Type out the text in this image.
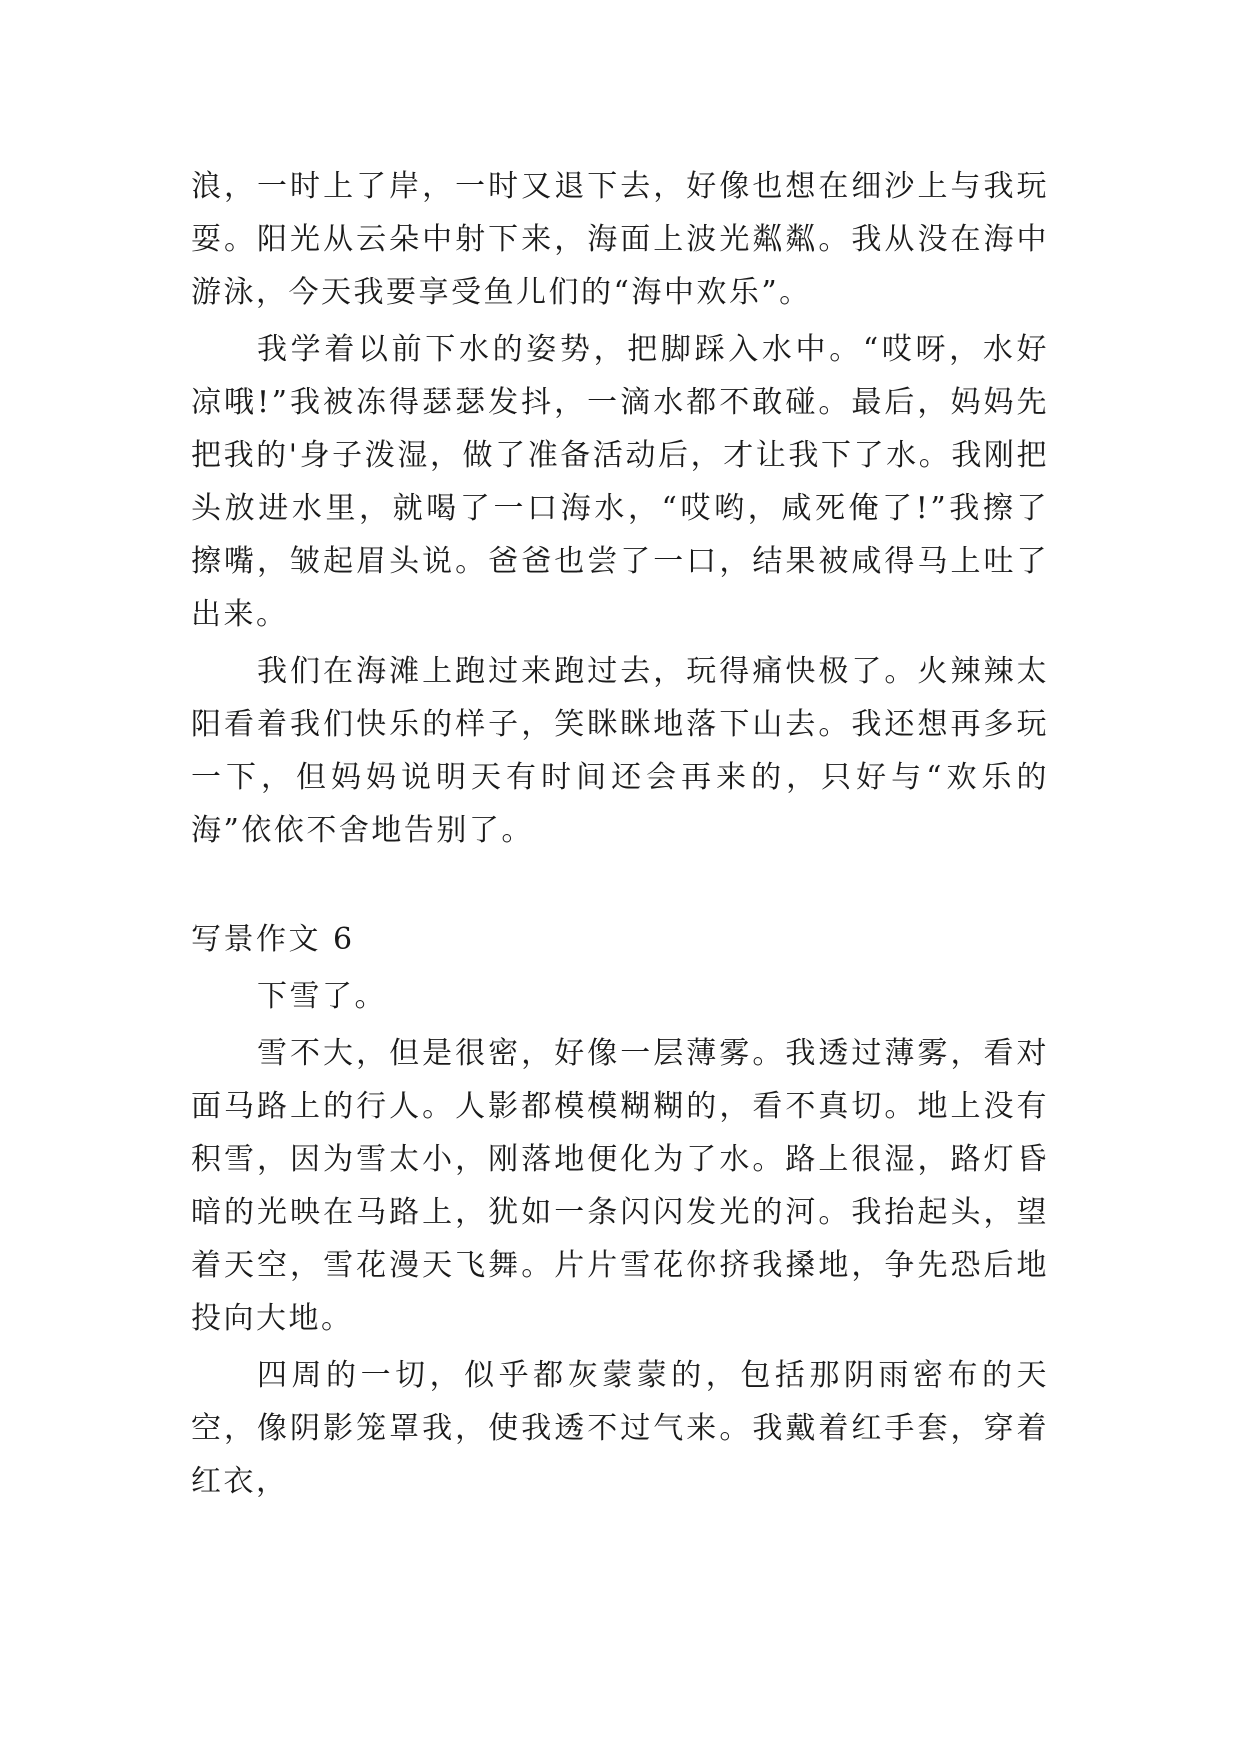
浪，一时上了岸，一时又退下去，好像也想在细沙上与我玩耍。阳光从云朵中射下来，海面上波光粼粼。我从没在海中游泳，今天我要享受鱼儿们的“海中欢乐”。

我学着以前下水的姿势，把脚踩入水中。“哎呀，水好凉哦!”我被冻得瑟瑟发抖，一滴水都不敢碰。最后，妈妈先把我的'身子泼湿，做了准备活动后，才让我下了水。我刚把头放进水里，就喝了一口海水，“哎哟，咸死俺了!”我擦了擦嘴，皱起眉头说。爸爸也尝了一口，结果被咸得马上吐了出来。

我们在海滩上跑过来跑过去，玩得痛快极了。火辣辣太阳看着我们快乐的样子，笑眯眯地落下山去。我还想再多玩一下，但妈妈说明天有时间还会再来的，只好与“欢乐的海”依依不舍地告别了。

写景作文 6

下雪了。

雪不大，但是很密，好像一层薄雾。我透过薄雾，看对面马路上的行人。人影都模模糊糊的，看不真切。地上没有积雪，因为雪太小，刚落地便化为了水。路上很湿，路灯昏暗的光映在马路上，犹如一条闪闪发光的河。我抬起头，望着天空，雪花漫天飞舞。片片雪花你挤我搡地，争先恐后地投向大地。

四周的一切，似乎都灰蒙蒙的，包括那阴雨密布的天空，像阴影笼罩我，使我透不过气来。我戴着红手套，穿着红衣，
